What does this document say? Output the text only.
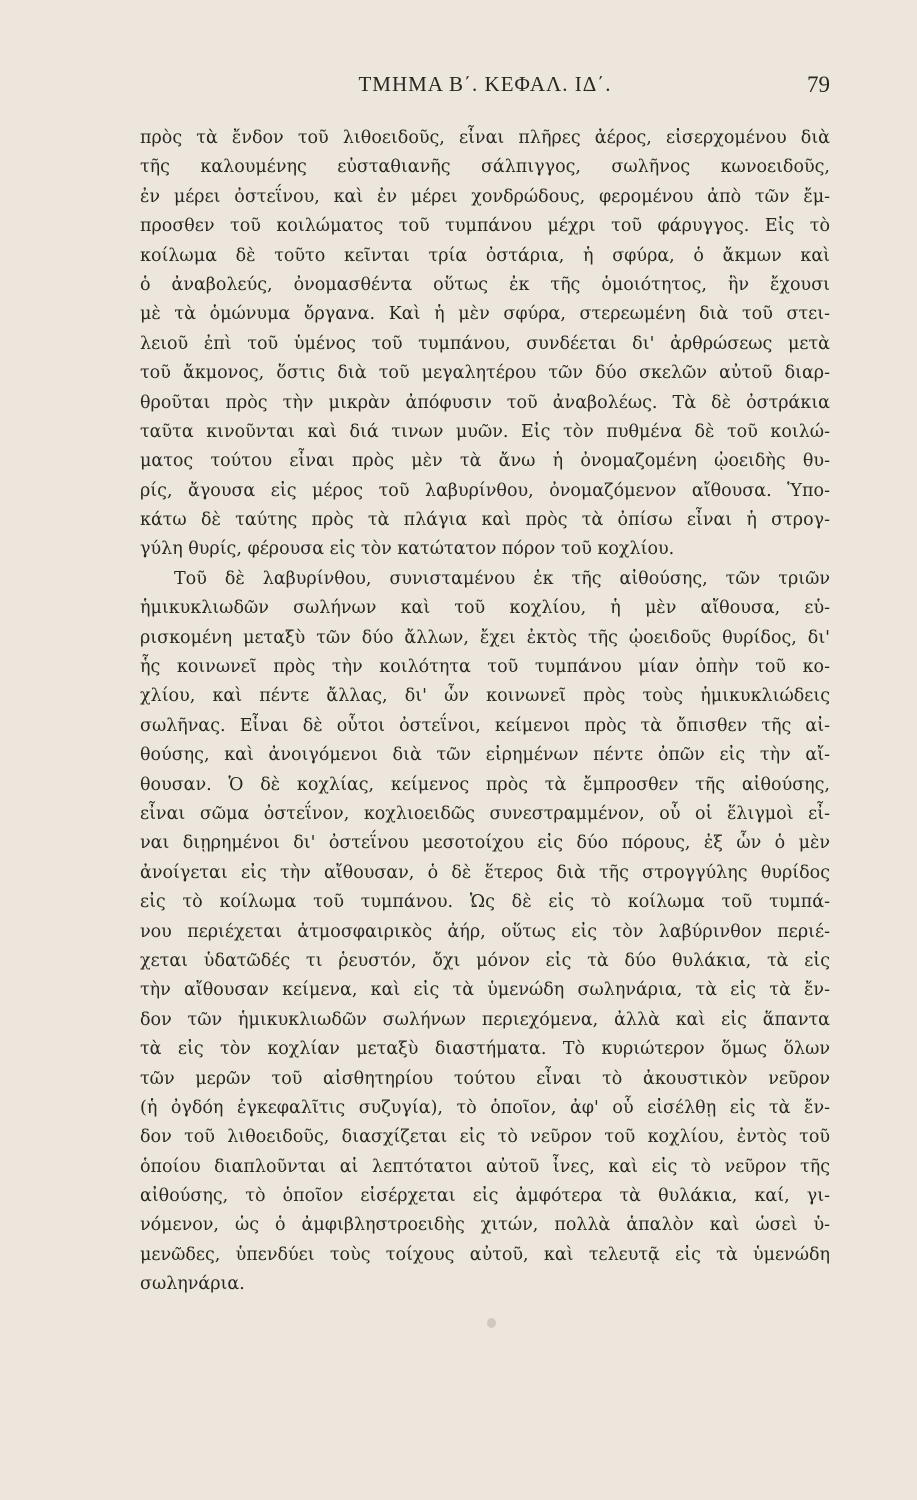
ΤΜΗΜΑ Β΄. ΚΕΦΑΛ. ΙΔ΄.	79
πρὸς τὰ ἔνδον τοῦ λιθοειδοῦς, εἶναι πλῆρες ἀέρος, εἰσερχομένου διὰ
τῆς καλουμένης εὐσταθιανῆς σάλπιγγος, σωλῆνος κωνοειδοῦς,
ἐν μέρει ὀστεΐνου, καὶ ἐν μέρει χονδρώδους, φερομένου ἀπὸ τῶν ἔμ-
προσθεν τοῦ κοιλώματος τοῦ τυμπάνου μέχρι τοῦ φάρυγγος. Εἰς τὸ
κοίλωμα δὲ τοῦτο κεῖνται τρία ὀστάρια, ἡ σφύρα, ὁ ἄκμων καὶ
ὁ ἀναβολεύς, ὀνομασθέντα οὕτως ἐκ τῆς ὁμοιότητος, ἣν ἔχουσι
μὲ τὰ ὁμώνυμα ὄργανα. Καὶ ἡ μὲν σφύρα, στερεωμένη διὰ τοῦ στει-
λειοῦ ἐπὶ τοῦ ὑμένος τοῦ τυμπάνου, συνδέεται δι' ἀρθρώσεως μετὰ
τοῦ ἄκμονος, ὅστις διὰ τοῦ μεγαλητέρου τῶν δύο σκελῶν αὐτοῦ διαρ-
θροῦται πρὸς τὴν μικρὰν ἀπόφυσιν τοῦ ἀναβολέως. Τὰ δὲ ὀστράκια
ταῦτα κινοῦνται καὶ διά τινων μυῶν. Εἰς τὸν πυθμένα δὲ τοῦ κοιλώ-
ματος τούτου εἶναι πρὸς μὲν τὰ ἄνω ἡ ὀνομαζομένη ᾠοειδὴς θυ-
ρίς, ἄγουσα εἰς μέρος τοῦ λαβυρίνθου, ὀνομαζόμενον αἴθουσα. Ὑπο-
κάτω δὲ ταύτης πρὸς τὰ πλάγια καὶ πρὸς τὰ ὀπίσω εἶναι ἡ στρογ-
γύλη θυρίς, φέρουσα εἰς τὸν κατώτατον πόρον τοῦ κοχλίου.
Τοῦ δὲ λαβυρίνθου, συνισταμένου ἐκ τῆς αἰθούσης, τῶν τριῶν
ἡμικυκλιωδῶν σωλήνων καὶ τοῦ κοχλίου, ἡ μὲν αἴθουσα, εὑ-
ρισκομένη μεταξὺ τῶν δύο ἄλλων, ἔχει ἐκτὸς τῆς ᾠοειδοῦς θυρίδος, δι'
ἧς κοινωνεῖ πρὸς τὴν κοιλότητα τοῦ τυμπάνου μίαν ὀπὴν τοῦ κο-
χλίου, καὶ πέντε ἄλλας, δι' ὧν κοινωνεῖ πρὸς τοὺς ἡμικυκλιώδεις
σωλῆνας. Εἶναι δὲ οὗτοι ὀστεΐνοι, κείμενοι πρὸς τὰ ὄπισθεν τῆς αἰ-
θούσης, καὶ ἀνοιγόμενοι διὰ τῶν εἰρημένων πέντε ὀπῶν εἰς τὴν αἴ-
θουσαν. Ὁ δὲ κοχλίας, κείμενος πρὸς τὰ ἔμπροσθεν τῆς αἰθούσης,
εἶναι σῶμα ὀστεΐνον, κοχλιοειδῶς συνεστραμμένον, οὗ οἱ ἕλιγμοὶ εἶ-
ναι διῃρημένοι δι' ὀστεΐνου μεσοτοίχου εἰς δύο πόρους, ἐξ ὧν ὁ μὲν
ἀνοίγεται εἰς τὴν αἴθουσαν, ὁ δὲ ἕτερος διὰ τῆς στρογγύλης θυρίδος
εἰς τὸ κοίλωμα τοῦ τυμπάνου. Ὡς δὲ εἰς τὸ κοίλωμα τοῦ τυμπά-
νου περιέχεται ἀτμοσφαιρικὸς ἀήρ, οὕτως εἰς τὸν λαβύρινθον περιέ-
χεται ὑδατῶδές τι ῥευστόν, ὄχι μόνον εἰς τὰ δύο θυλάκια, τὰ εἰς
τὴν αἴθουσαν κείμενα, καὶ εἰς τὰ ὑμενώδη σωληνάρια, τὰ εἰς τὰ ἔν-
δον τῶν ἡμικυκλιωδῶν σωλήνων περιεχόμενα, ἀλλὰ καὶ εἰς ἅπαντα
τὰ εἰς τὸν κοχλίαν μεταξὺ διαστήματα. Τὸ κυριώτερον ὅμως ὅλων
τῶν μερῶν τοῦ αἰσθητηρίου τούτου εἶναι τὸ ἀκουστικὸν νεῦρον
(ἡ ὀγδόη ἐγκεφαλῖτις συζυγία), τὸ ὁποῖον, ἀφ' οὗ εἰσέλθῃ εἰς τὰ ἔν-
δον τοῦ λιθοειδοῦς, διασχίζεται εἰς τὸ νεῦρον τοῦ κοχλίου, ἐντὸς τοῦ
ὁποίου διαπλοῦνται αἱ λεπτότατοι αὐτοῦ ἶνες, καὶ εἰς τὸ νεῦρον τῆς
αἰθούσης, τὸ ὁποῖον εἰσέρχεται εἰς ἀμφότερα τὰ θυλάκια, καί, γι-
νόμενον, ὡς ὁ ἀμφιβληστροειδὴς χιτών, πολλὰ ἁπαλὸν καὶ ὡσεὶ ὑ-
μενῶδες, ὑπενδύει τοὺς τοίχους αὐτοῦ, καὶ τελευτᾷ εἰς τὰ ὑμενώδη
σωληνάρια.
